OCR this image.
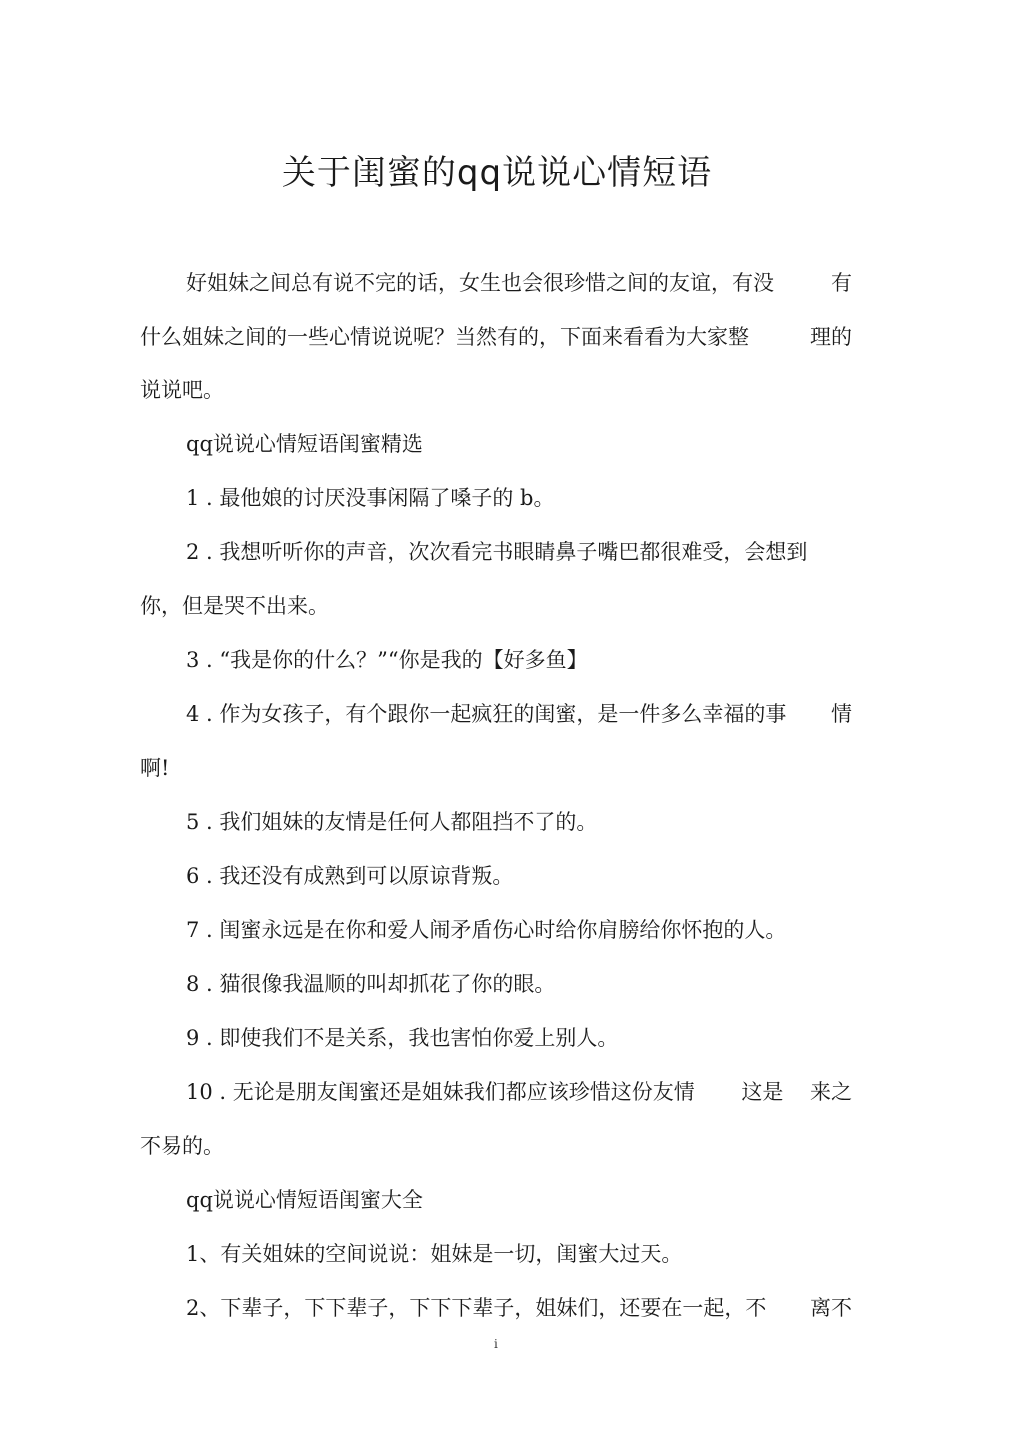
关于闺蜜的qq说说心情短语
好姐妹之间总有说不完的话，女生也会很珍惜之间的友谊，有没	有
什么姐妹之间的一些心情说说呢？当然有的，下面来看看为大家整	理的

说说吧。

qq说说心情短语闺蜜精选

1 . 最他娘的讨厌没事闲隔了嗓子的 b。

2 . 我想听听你的声音，次次看完书眼睛鼻子嘴巴都很难受，会想到

你，但是哭不出来。

3 . “我是你的什么？”“你是我的【好多鱼】

4 . 作为女孩子，有个跟你一起疯狂的闺蜜，是一件多么幸福的事 情

啊!

5 . 我们姐妹的友情是任何人都阻挡不了的。

6 . 我还没有成熟到可以原谅背叛。

7 . 闺蜜永远是在你和爱人闹矛盾伤心时给你肩膀给你怀抱的人。

8 . 猫很像我温顺的叫却抓花了你的眼。

9 . 即使我们不是关系，我也害怕你爱上别人。

10 . 无论是朋友闺蜜还是姐妹我们都应该珍惜这份友情	这是 来之

不易的。

qq说说心情短语闺蜜大全

1、有关姐妹的空间说说：姐妹是一切，闺蜜大过天。

2、下辈子，下下辈子，下下下辈子，姐妹们，还要在一起，不 离不
i
